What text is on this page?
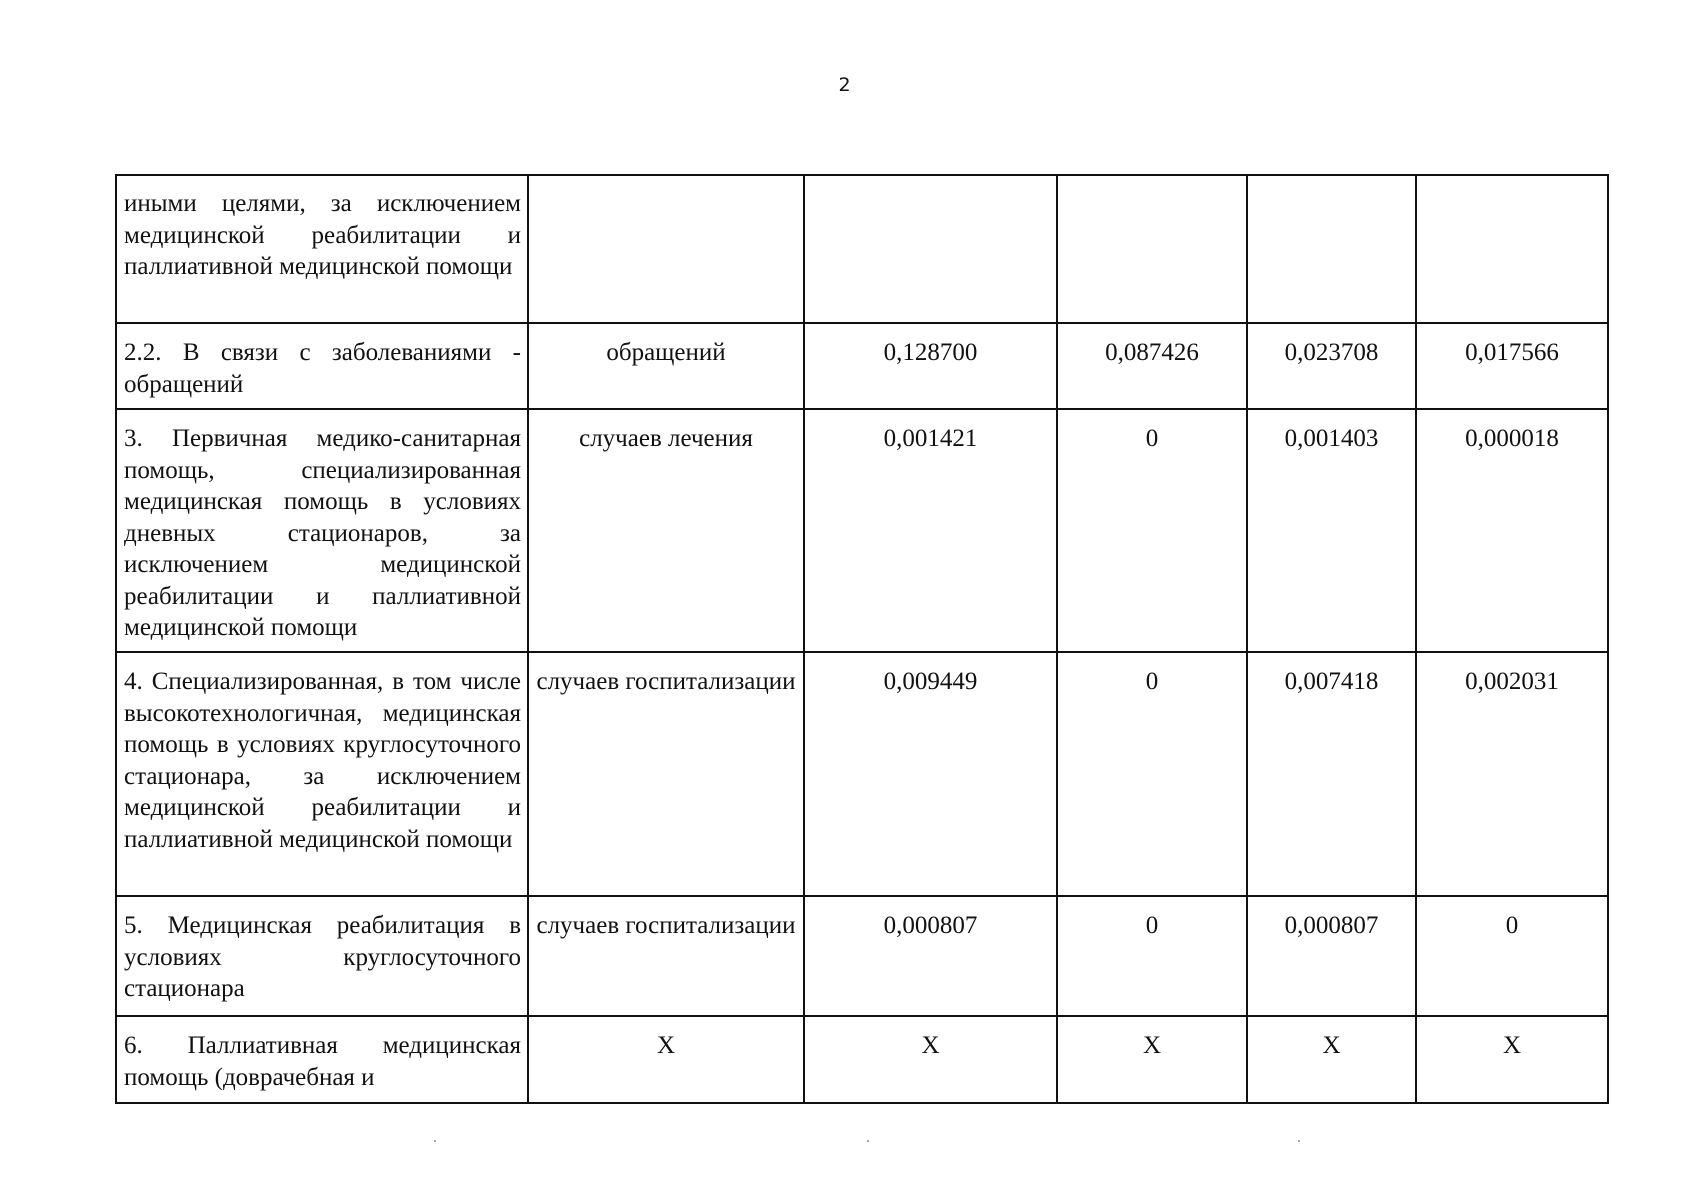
2
иными целями, за исключением медицинской реабилитации и паллиативной медицинской помощи					
2.2. В связи с заболеваниями - обращений	обращений	0,128700	0,087426	0,023708	0,017566
3. Первичная медико-санитарная помощь, специализированная медицинская помощь в условиях дневных стационаров, за исключением медицинской реабилитации и паллиативной медицинской помощи	случаев лечения	0,001421	0	0,001403	0,000018
4. Специализированная, в том числе высокотехнологичная, медицинская помощь в условиях круглосуточного стационара, за исключением медицинской реабилитации и паллиативной медицинской помощи	случаев госпитализации	0,009449	0	0,007418	0,002031
5. Медицинская реабилитация в условиях круглосуточного стационара	случаев госпитализации	0,000807	0	0,000807	0
6. Паллиативная медицинская помощь (доврачебная и	X	X	X	X	X
